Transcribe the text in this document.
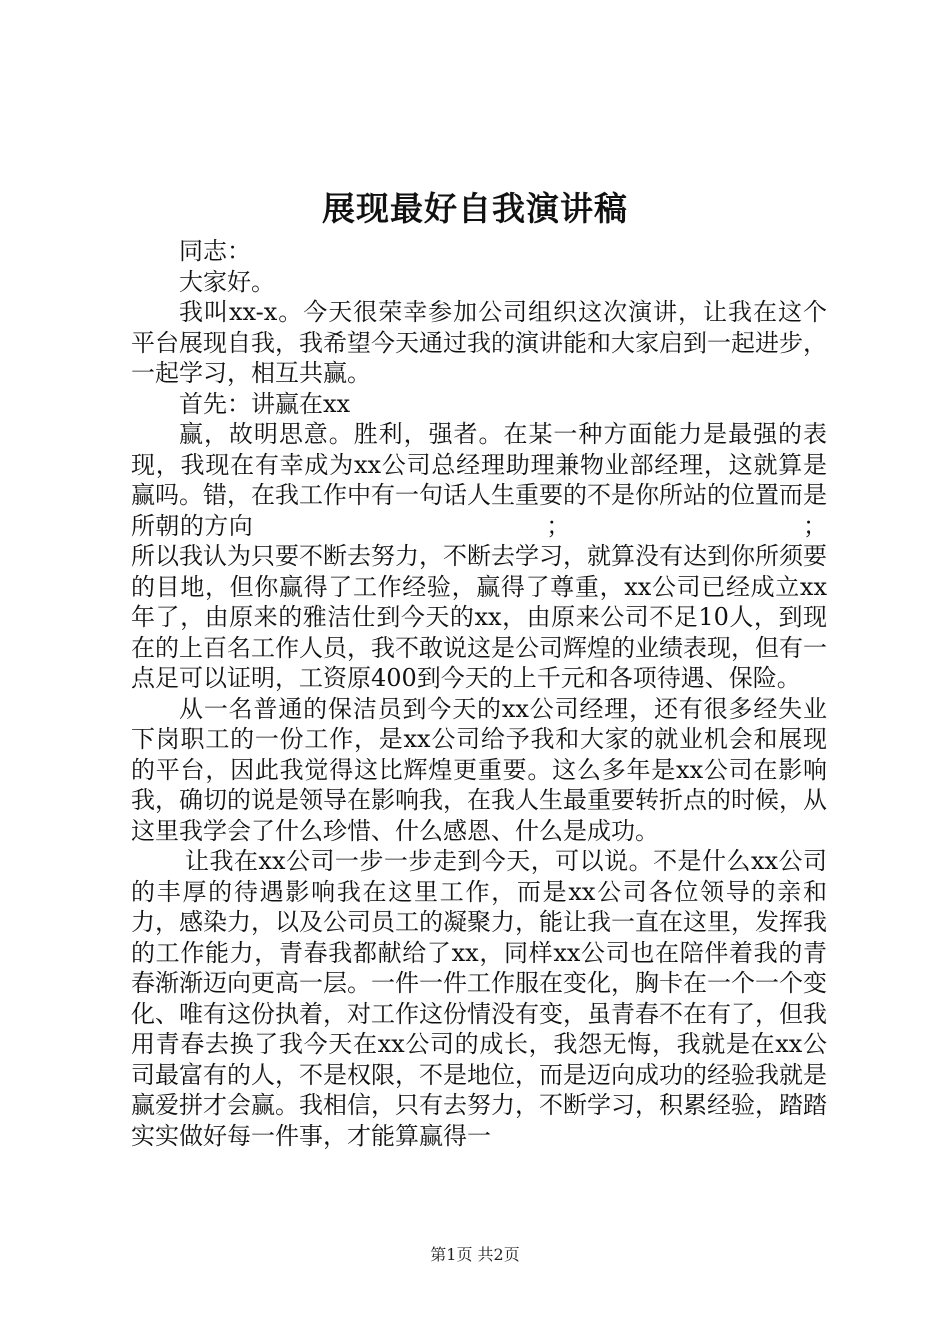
展现最好自我演讲稿

同志：

大家好。

我叫xx-x。今天很荣幸参加公司组织这次演讲，让我在这个平台展现自我，我希望今天通过我的演讲能和大家启到一起进步，一起学习，相互共赢。

首先：讲赢在xx

赢，故明思意。胜利，强者。在某一种方面能力是最强的表现，我现在有幸成为xx公司总经理助理兼物业部经理，这就算是赢吗。错，在我工作中有一句话人生重要的不是你所站的位置而是所朝的方向　　　　　　　　　　　　；　　　　　　　　　　；所以我认为只要不断去努力，不断去学习，就算没有达到你所须要的目地，但你赢得了工作经验，赢得了尊重，xx公司已经成立xx年了，由原来的雅洁仕到今天的xx，由原来公司不足10人，到现在的上百名工作人员，我不敢说这是公司辉煌的业绩表现，但有一点足可以证明，工资原400到今天的上千元和各项待遇、保险。

从一名普通的保洁员到今天的xx公司经理，还有很多经失业下岗职工的一份工作，是xx公司给予我和大家的就业机会和展现的平台，因此我觉得这比辉煌更重要。这么多年是xx公司在影响我，确切的说是领导在影响我，在我人生最重要转折点的时候，从这里我学会了什么珍惜、什么感恩、什么是成功。

让我在xx公司一步一步走到今天，可以说。不是什么xx公司的丰厚的待遇影响我在这里工作，而是xx公司各位领导的亲和力，感染力，以及公司员工的凝聚力，能让我一直在这里，发挥我的工作能力，青春我都献给了xx，同样xx公司也在陪伴着我的青春渐渐迈向更高一层。一件一件工作服在变化，胸卡在一个一个变化、唯有这份执着，对工作这份情没有变，虽青春不在有了，但我用青春去换了我今天在xx公司的成长，我怨无悔，我就是在xx公司最富有的人，不是权限，不是地位，而是迈向成功的经验我就是赢爱拼才会赢。我相信，只有去努力，不断学习，积累经验，踏踏实实做好每一件事，才能算赢得一

第1页 共2页
